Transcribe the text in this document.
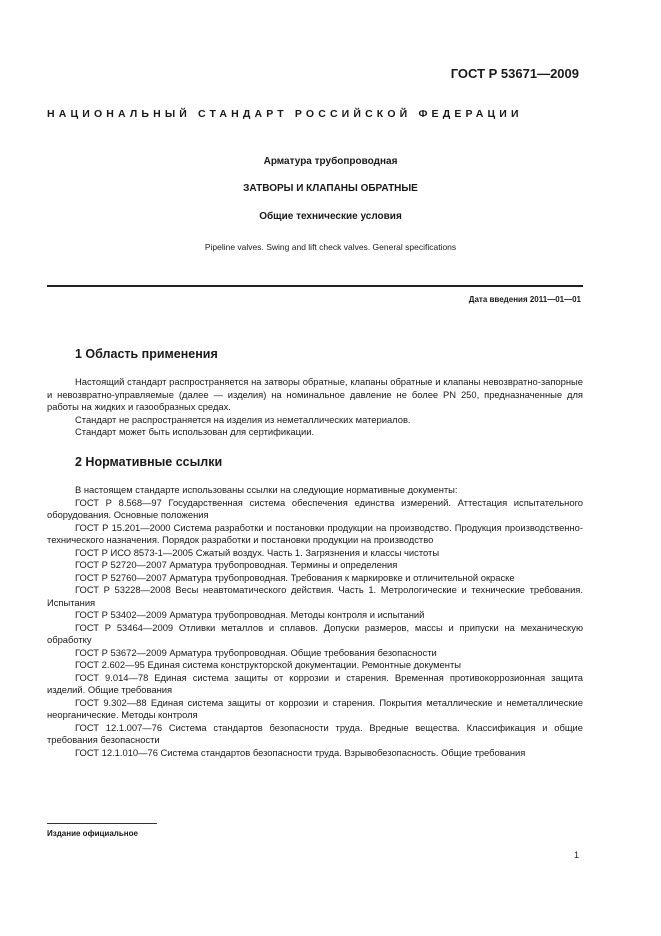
ГОСТ Р 53671—2009
НАЦИОНАЛЬНЫЙ СТАНДАРТ РОССИЙСКОЙ ФЕДЕРАЦИИ
Арматура трубопроводная
ЗАТВОРЫ И КЛАПАНЫ ОБРАТНЫЕ
Общие технические условия
Pipeline valves. Swing and lift check valves. General specifications
Дата введения 2011—01—01
1 Область применения

Настоящий стандарт распространяется на затворы обратные, клапаны обратные и клапаны невозвратно-запорные и невозвратно-управляемые (далее — изделия) на номинальное давление не более PN 250, предназначенные для работы на жидких и газообразных средах.

Стандарт не распространяется на изделия из неметаллических материалов.

Стандарт может быть использован для сертификации.

2 Нормативные ссылки

В настоящем стандарте использованы ссылки на следующие нормативные документы:

ГОСТ Р 8.568—97 Государственная система обеспечения единства измерений. Аттестация испытательного оборудования. Основные положения

ГОСТ Р 15.201—2000 Система разработки и постановки продукции на производство. Продукция производственно-технического назначения. Порядок разработки и постановки продукции на производство

ГОСТ Р ИСО 8573-1—2005 Сжатый воздух. Часть 1. Загрязнения и классы чистоты

ГОСТ Р 52720—2007 Арматура трубопроводная. Термины и определения

ГОСТ Р 52760—2007 Арматура трубопроводная. Требования к маркировке и отличительной окраске

ГОСТ Р 53228—2008 Весы неавтоматического действия. Часть 1. Метрологические и технические требования. Испытания

ГОСТ Р 53402—2009 Арматура трубопроводная. Методы контроля и испытаний

ГОСТ Р 53464—2009 Отливки металлов и сплавов. Допуски размеров, массы и припуски на механическую обработку

ГОСТ Р 53672—2009 Арматура трубопроводная. Общие требования безопасности

ГОСТ 2.602—95 Единая система конструкторской документации. Ремонтные документы

ГОСТ 9.014—78 Единая система защиты от коррозии и старения. Временная противокоррозионная защита изделий. Общие требования

ГОСТ 9.302—88 Единая система защиты от коррозии и старения. Покрытия металлические и неметаллические неорганические. Методы контроля

ГОСТ 12.1.007—76 Система стандартов безопасности труда. Вредные вещества. Классификация и общие требования безопасности

ГОСТ 12.1.010—76 Система стандартов безопасности труда. Взрывобезопасность. Общие требования

Издание официальное
1
